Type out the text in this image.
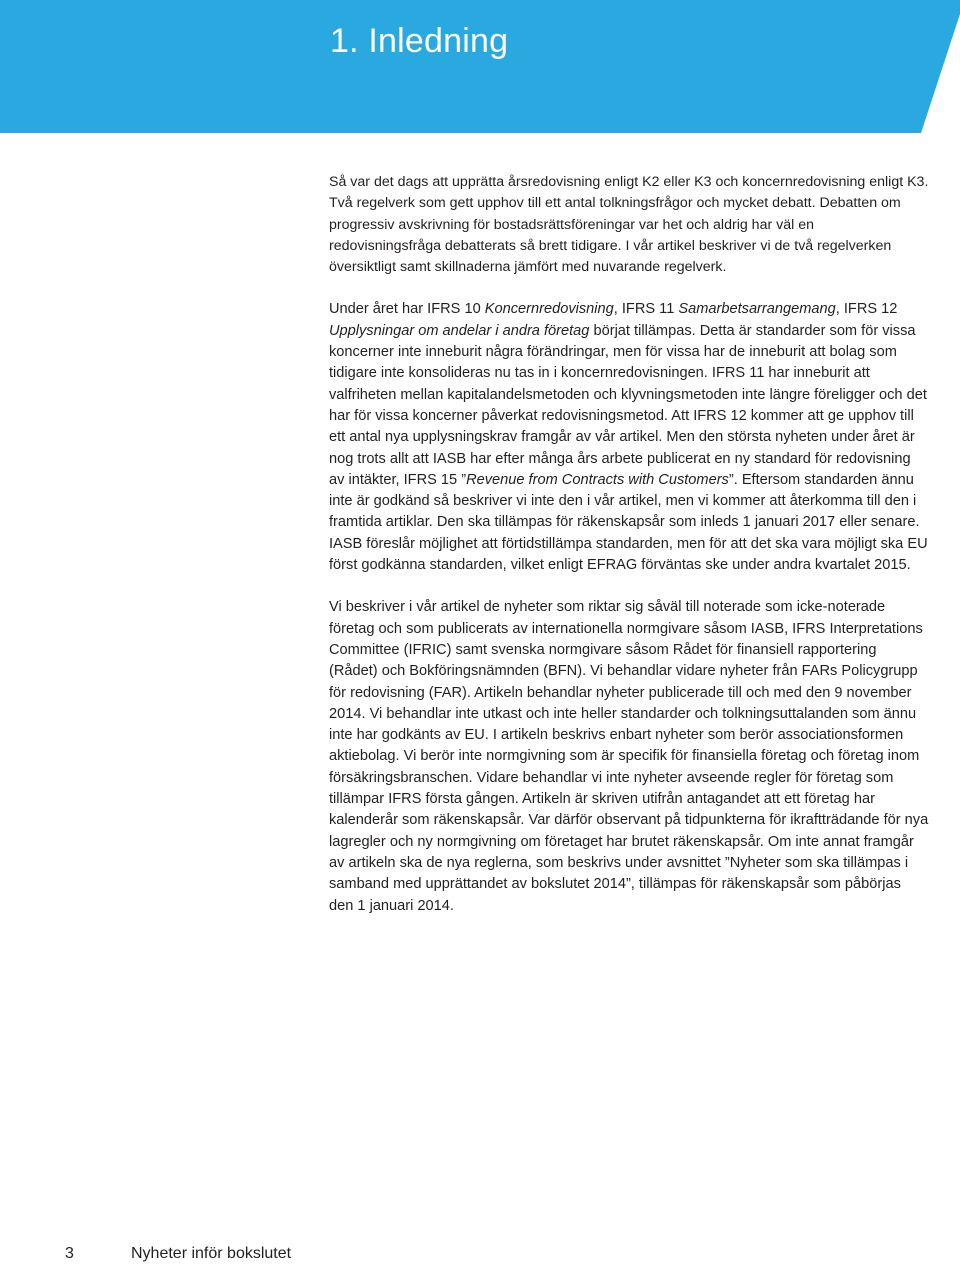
1. Inledning

Så var det dags att upprätta årsredovisning enligt K2 eller K3 och koncernredovisning enligt K3. Två regelverk som gett upphov till ett antal tolkningsfrågor och mycket debatt. Debatten om progressiv avskrivning för bostadsrättsföreningar var het och aldrig har väl en redovisningsfråga debatterats så brett tidigare. I vår artikel beskriver vi de två regelverken översiktligt samt skillnaderna jämfört med nuvarande regelverk.

Under året har IFRS 10 Koncernredovisning, IFRS 11 Samarbetsarrangemang, IFRS 12 Upplysningar om andelar i andra företag börjat tillämpas. Detta är standarder som för vissa koncerner inte inneburit några förändringar, men för vissa har de inneburit att bolag som tidigare inte konsolideras nu tas in i koncernredovisningen. IFRS 11 har inneburit att valfriheten mellan kapitalandelsmetoden och klyvningsmetoden inte längre föreligger och det har för vissa koncerner påverkat redovisningsmetod. Att IFRS 12 kommer att ge upphov till ett antal nya upplysningskrav framgår av vår artikel. Men den största nyheten under året är nog trots allt att IASB har efter många års arbete publicerat en ny standard för redovisning av intäkter, IFRS 15 ”Revenue from Contracts with Customers”. Eftersom standarden ännu inte är godkänd så beskriver vi inte den i vår artikel, men vi kommer att återkomma till den i framtida artiklar. Den ska tillämpas för räkenskapsår som inleds 1 januari 2017 eller senare. IASB föreslår möjlighet att förtidstillämpa standarden, men för att det ska vara möjligt ska EU först godkänna standarden, vilket enligt EFRAG förväntas ske under andra kvartalet 2015.

Vi beskriver i vår artikel de nyheter som riktar sig såväl till noterade som icke-noterade företag och som publicerats av internationella normgivare såsom IASB, IFRS Interpretations Committee (IFRIC) samt svenska normgivare såsom Rådet för finansiell rapportering (Rådet) och Bokföringsnämnden (BFN). Vi behandlar vidare nyheter från FARs Policygrupp för redovisning (FAR). Artikeln behandlar nyheter publicerade till och med den 9 november 2014. Vi behandlar inte utkast och inte heller standarder och tolkningsuttalanden som ännu inte har godkänts av EU. I artikeln beskrivs enbart nyheter som berör associationsformen aktiebolag. Vi berör inte normgivning som är specifik för finansiella företag och företag inom försäkringsbranschen. Vidare behandlar vi inte nyheter avseende regler för företag som tillämpar IFRS första gången. Artikeln är skriven utifrån antagandet att ett företag har kalenderår som räkenskapsår. Var därför observant på tidpunkterna för ikraftträdande för nya lagregler och ny normgivning om företaget har brutet räkenskapsår. Om inte annat framgår av artikeln ska de nya reglerna, som beskrivs under avsnittet ”Nyheter som ska tillämpas i samband med upprättandet av bokslutet 2014”, tillämpas för räkenskapsår som påbörjas den 1 januari 2014.

3	Nyheter inför bokslutet
